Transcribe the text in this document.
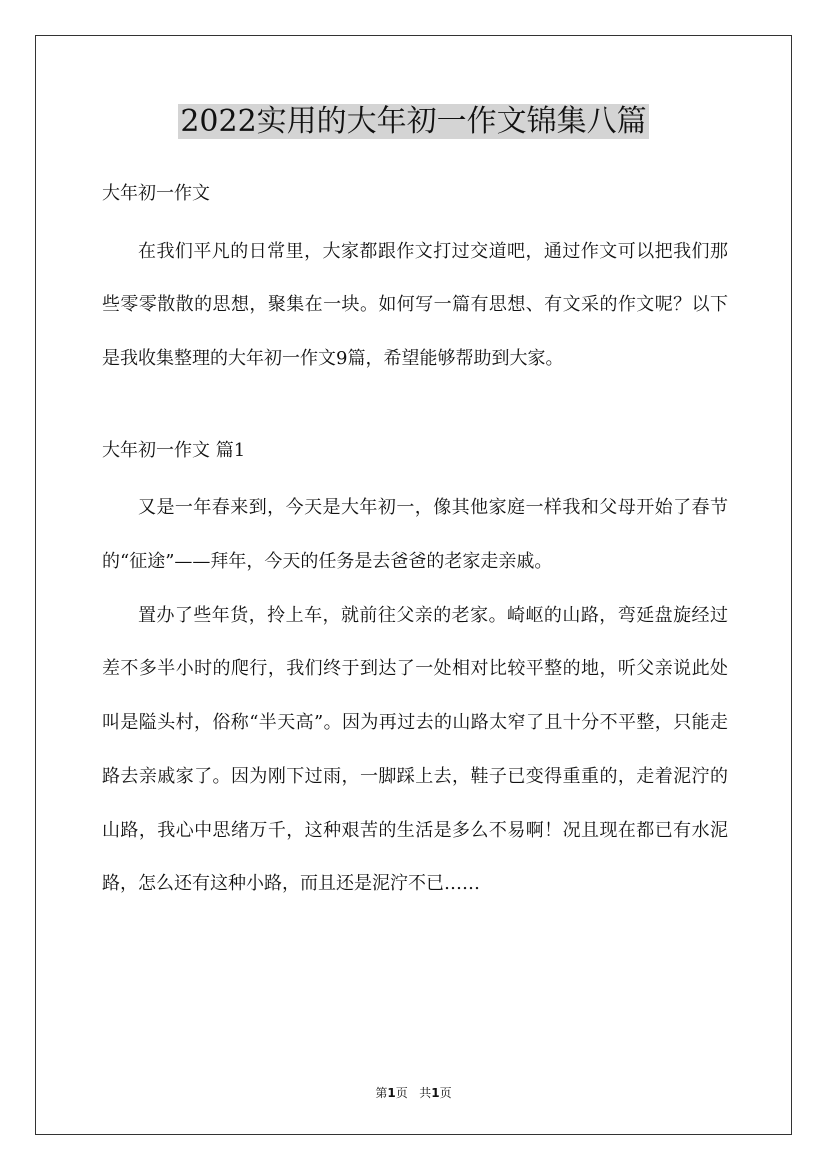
2022实用的大年初一作文锦集八篇

大年初一作文

在我们平凡的日常里，大家都跟作文打过交道吧，通过作文可以把我们那些零零散散的思想，聚集在一块。如何写一篇有思想、有文采的作文呢？以下是我收集整理的大年初一作文9篇，希望能够帮助到大家。

大年初一作文 篇1

又是一年春来到，今天是大年初一，像其他家庭一样我和父母开始了春节的“征途”——拜年，今天的任务是去爸爸的老家走亲戚。

置办了些年货，拎上车，就前往父亲的老家。崎岖的山路，弯延盘旋经过差不多半小时的爬行，我们终于到达了一处相对比较平整的地，听父亲说此处叫是隘头村，俗称“半天高”。因为再过去的山路太窄了且十分不平整，只能走路去亲戚家了。因为刚下过雨，一脚踩上去，鞋子已变得重重的，走着泥泞的山路，我心中思绪万千，这种艰苦的生活是多么不易啊！况且现在都已有水泥路，怎么还有这种小路，而且还是泥泞不已……

第1页 共1页
